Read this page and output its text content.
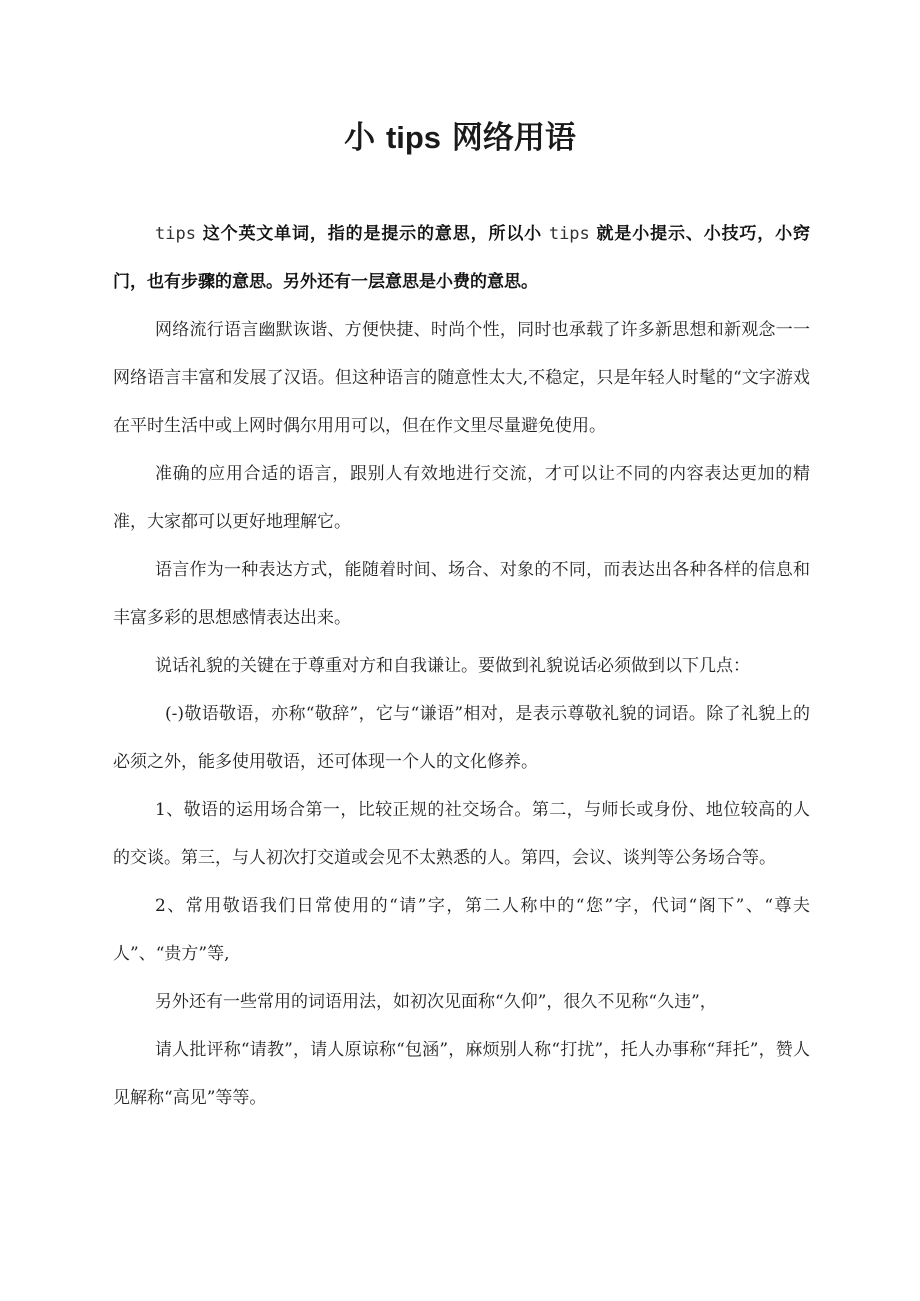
小 tips 网络用语

tips 这个英文单词，指的是提示的意思，所以小 tips 就是小提示、小技巧，小窍门，也有步骤的意思。另外还有一层意思是小费的意思。

网络流行语言幽默诙谐、方便快捷、时尚个性，同时也承载了许多新思想和新观念一一网络语言丰富和发展了汉语。但这种语言的随意性太大,不稳定，只是年轻人时髦的“文字游戏在平时生活中或上网时偶尔用用可以，但在作文里尽量避免使用。

准确的应用合适的语言，跟别人有效地进行交流，才可以让不同的内容表达更加的精准，大家都可以更好地理解它。

语言作为一种表达方式，能随着时间、场合、对象的不同，而表达出各种各样的信息和丰富多彩的思想感情表达出来。

说话礼貌的关键在于尊重对方和自我谦让。要做到礼貌说话必须做到以下几点：

(-)敬语敬语，亦称“敬辞”，它与“谦语”相对，是表示尊敬礼貌的词语。除了礼貌上的必须之外，能多使用敬语，还可体现一个人的文化修养。

1、敬语的运用场合第一，比较正规的社交场合。第二，与师长或身份、地位较高的人的交谈。第三，与人初次打交道或会见不太熟悉的人。第四，会议、谈判等公务场合等。

2、常用敬语我们日常使用的“请”字，第二人称中的“您”字，代词“阁下”、“尊夫人”、“贵方”等,

另外还有一些常用的词语用法，如初次见面称“久仰”，很久不见称“久违”，

请人批评称“请教”，请人原谅称“包涵”，麻烦别人称“打扰”，托人办事称“拜托”，赞人见解称“高见”等等。
